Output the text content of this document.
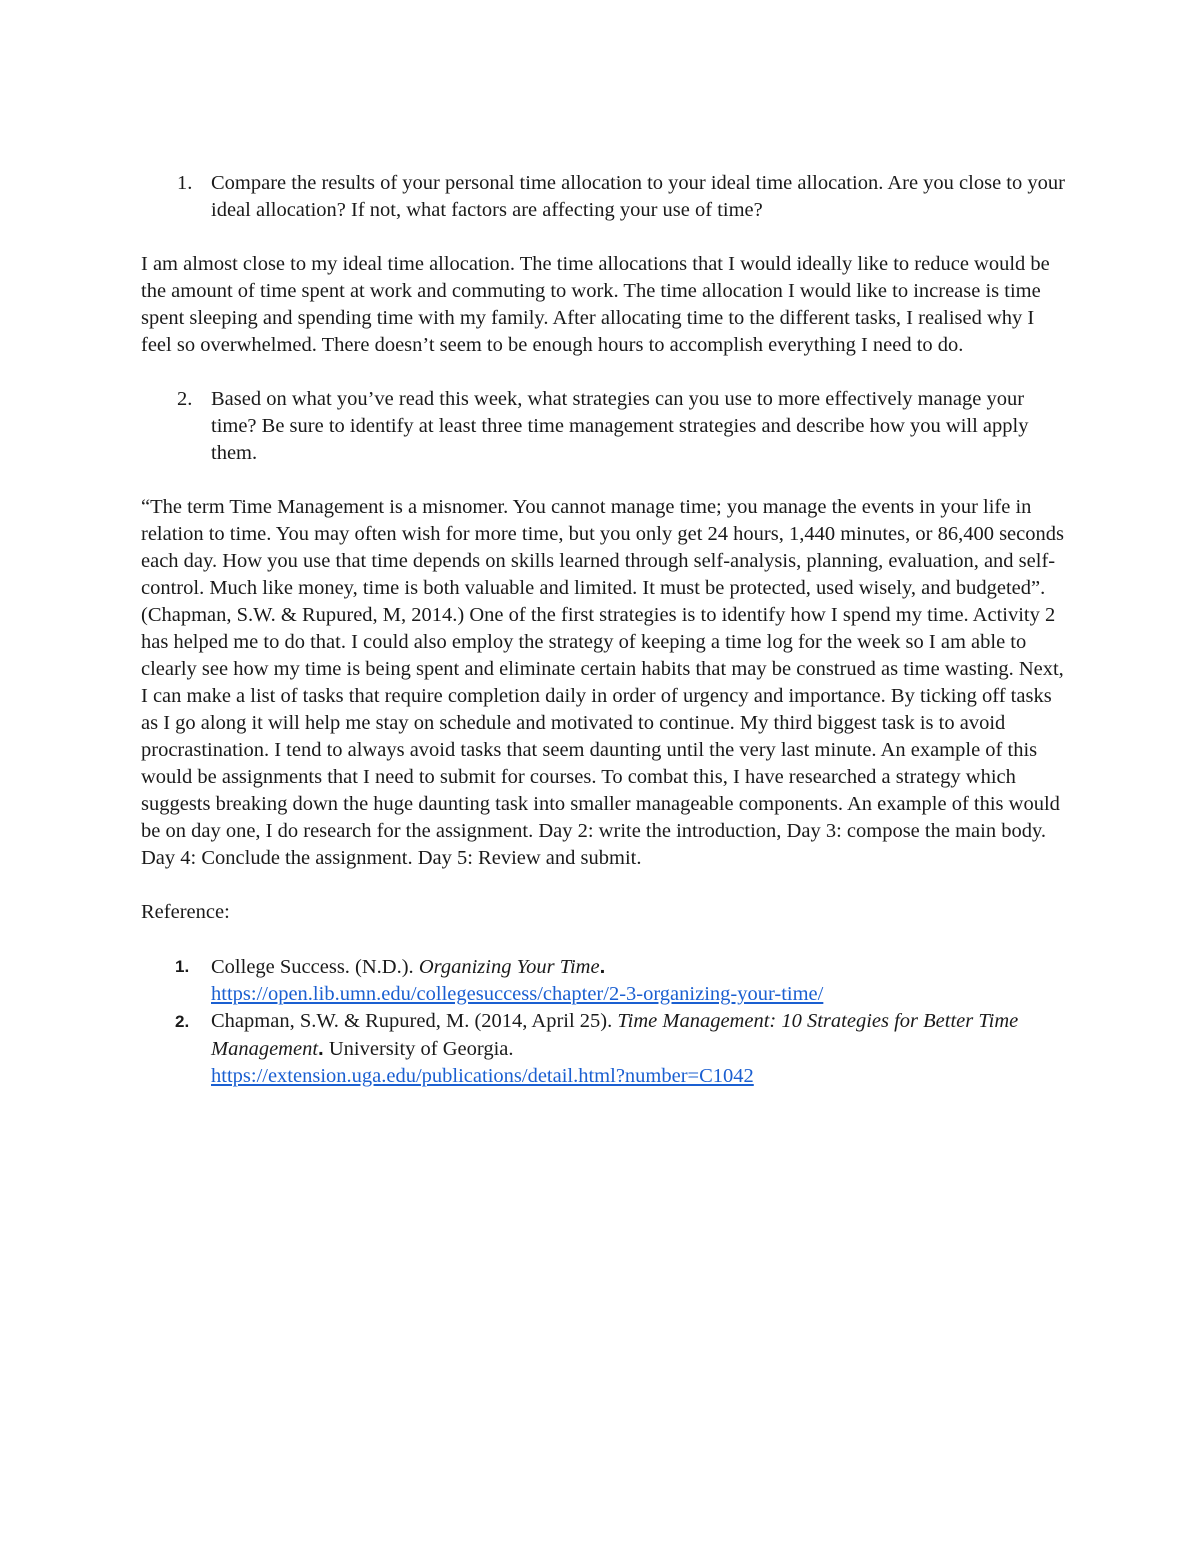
1. Compare the results of your personal time allocation to your ideal time allocation. Are you close to your ideal allocation? If not, what factors are affecting your use of time?

I am almost close to my ideal time allocation. The time allocations that I would ideally like to reduce would be the amount of time spent at work and commuting to work. The time allocation I would like to increase is time spent sleeping and spending time with my family. After allocating time to the different tasks, I realised why I feel so overwhelmed. There doesn’t seem to be enough hours to accomplish everything I need to do.

2. Based on what you’ve read this week, what strategies can you use to more effectively manage your time? Be sure to identify at least three time management strategies and describe how you will apply them.

“The term Time Management is a misnomer. You cannot manage time; you manage the events in your life in relation to time. You may often wish for more time, but you only get 24 hours, 1,440 minutes, or 86,400 seconds each day. How you use that time depends on skills learned through self-analysis, planning, evaluation, and self-control. Much like money, time is both valuable and limited. It must be protected, used wisely, and budgeted”. (Chapman, S.W. & Rupured, M, 2014.) One of the first strategies is to identify how I spend my time. Activity 2 has helped me to do that. I could also employ the strategy of keeping a time log for the week so I am able to clearly see how my time is being spent and eliminate certain habits that may be construed as time wasting. Next, I can make a list of tasks that require completion daily in order of urgency and importance. By ticking off tasks as I go along it will help me stay on schedule and motivated to continue. My third biggest task is to avoid procrastination. I tend to always avoid tasks that seem daunting until the very last minute. An example of this would be assignments that I need to submit for courses. To combat this, I have researched a strategy which suggests breaking down the huge daunting task into smaller manageable components. An example of this would be on day one, I do research for the assignment. Day 2: write the introduction, Day 3: compose the main body. Day 4: Conclude the assignment. Day 5: Review and submit.

Reference:

1. College Success. (N.D.). Organizing Your Time.
https://open.lib.umn.edu/collegesuccess/chapter/2-3-organizing-your-time/
2. Chapman, S.W. & Rupured, M. (2014, April 25). Time Management: 10 Strategies for Better Time Management. University of Georgia.
https://extension.uga.edu/publications/detail.html?number=C1042
